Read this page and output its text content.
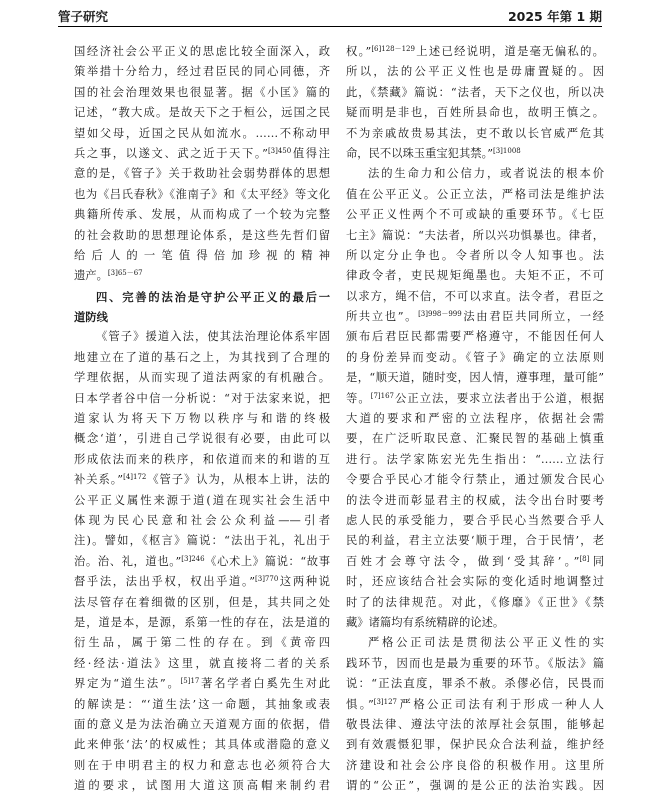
管子研究	2025 年第 1 期
国经济社会公平正义的思虑比较全面深入，政
策举措十分给力，经过君臣民的同心同德，齐
国的社会治理效果也很显著。据《小匡》篇的
记述，“教大成。是故天下之于桓公，远国之民
望如父母，近国之民从如流水。……不称动甲
兵之事，以遂文、武之近于天下。”$^{[3]450}$值得注
意的是，《管子》关于救助社会弱势群体的思想
也为《吕氏春秋》《淮南子》和《太平经》等文化
典籍所传承、发展，从而构成了一个较为完整
的社会救助的思想理论体系，是这些先哲们留
给后人的一笔值得倍加珍视的精神
遗产。$^{[3]65-67}$
四、完善的法治是守护公平正义的最后一
道防线
《管子》援道入法，使其法治理论体系牢固
地建立在了道的基石之上，为其找到了合理的
学理依据，从而实现了道法两家的有机融合。
日本学者谷中信一分析说：“对于法家来说，把
道家认为将天下万物以秩序与和谐的终极
概念‘道’，引进自己学说很有必要，由此可以
形成依法而来的秩序，和依道而来的和谐的互
补关系。”$^{[4]172}$《管子》认为，从根本上讲，法的
公平正义属性来源于道(道在现实社会生活中
体现为民心民意和社会公众利益——引者
注)。譬如，《枢言》篇说：“法出于礼，礼出于
治。治、礼，道也。”$^{[3]246}$《心术上》篇说：“故事
督乎法，法出乎权，权出乎道。”$^{[3]770}$这两种说
法尽管存在着细微的区别，但是，其共同之处
是，道是本，是源，系第一性的存在，法是道的
衍生品，属于第二性的存在。到《黄帝四
经·经法·道法》这里，就直接将二者的关系
界定为“道生法”。$^{[5]17}$著名学者白奚先生对此
的解读是：“‘道生法’这一命题，其抽象或表
面的意义是为法治确立天道观方面的依据，借
此来伸张‘法’的权威性；其具体或潜隐的意义
则在于申明君主的权力和意志也必须符合大
道的要求，试图用大道这顶高帽来制约君
权。”$^{[6]128-129}$上述已经说明，道是毫无偏私的。
所以，法的公平正义性也是毋庸置疑的。因
此，《禁藏》篇说：“法者，天下之仪也，所以决
疑而明是非也，百姓所县命也，故明王慎之。
不为亲戚故贵易其法，吏不敢以长官威严危其
命，民不以珠玉重宝犯其禁。”$^{[3]1008}$
法的生命力和公信力，或者说法的根本价
值在公平正义。公正立法，严格司法是维护法
公平正义性两个不可或缺的重要环节。《七臣
七主》篇说：“夫法者，所以兴功惧暴也。律者，
所以定分止争也。令者所以令人知事也。法
律政令者，吏民规矩绳墨也。夫矩不正，不可
以求方，绳不信，不可以求直。法令者，君臣之
所共立也”。$^{[3]998-999}$法由君臣共同所立，一经
颁布后君臣民都需要严格遵守，不能因任何人
的身份差异而变动。《管子》确定的立法原则
是，“顺天道，随时变，因人情，遵事理，量可能”
等。$^{[7]167}$公正立法，要求立法者出于公道，根据
大道的要求和严密的立法程序，依据社会需
要，在广泛听取民意、汇聚民智的基础上慎重
进行。法学家陈宏光先生指出：“……立法行
令要合乎民心才能令行禁止，通过颁发合民心
的法令进而彰显君主的权威，法令出台时要考
虑人民的承受能力，要合乎民心当然要合乎人
民的利益，君主立法要‘顺于理，合于民情’，老
百姓才会尊守法令，做到‘受其辞’。”[8]同
时，还应该结合社会实际的变化适时地调整过
时了的法律规范。对此，《修靡》《正世》《禁
藏》诸篇均有系统精辟的论述。
严格公正司法是贯彻法公平正义性的实
践环节，因而也是最为重要的环节。《版法》篇
说：“正法直度，罪杀不赦。杀僇必信，民畏而
惧。”$^{[3]127}$严格公正司法有利于形成一种人人
敬畏法律、遵法守法的浓厚社会氛围，能够起
到有效震慑犯罪，保护民众合法利益，维护经
济建设和社会公序良俗的积极作用。这里所
谓的“公正”，强调的是公正的法治实践。因
